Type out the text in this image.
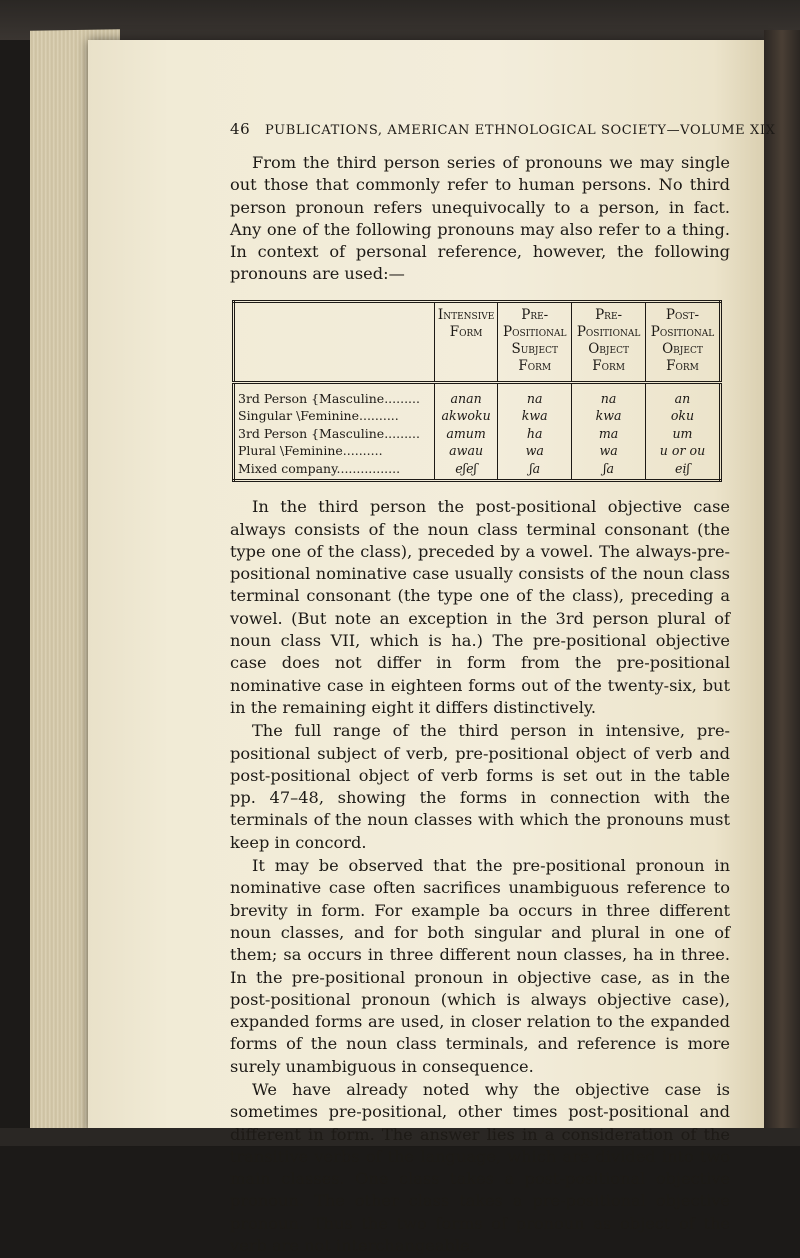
46 PUBLICATIONS, AMERICAN ETHNOLOGICAL SOCIETY—VOLUME XIX

From the third person series of pronouns we may single out those that commonly refer to human persons. No third person pronoun refers unequivocally to a person, in fact. Any one of the following pronouns may also refer to a thing. In context of personal reference, however, the following pronouns are used:—

	Intensive Form	Pre-Positional Subject Form	Pre-Positional Object Form	Post-Positional Object Form
3rd Person {Masculine.........	anan	na	na	an
Singular \Feminine..........	akwoku	kwa	kwa	oku
3rd Person {Masculine.........	amum	ha	ma	um
Plural \Feminine..........	awau	wa	wa	u or ou
Mixed company................	eʃeʃ	ʃa	ʃa	eiʃ

In the third person the post-positional objective case always consists of the noun class terminal consonant (the type one of the class), preceded by a vowel. The always-pre-positional nominative case usually consists of the noun class terminal consonant (the type one of the class), preceding a vowel. (But note an exception in the 3rd person plural of noun class VII, which is ha.) The pre-positional objective case does not differ in form from the pre-positional nominative case in eighteen forms out of the twenty-six, but in the remaining eight it differs distinctively.

The full range of the third person in intensive, pre-positional subject of verb, pre-positional object of verb and post-positional object of verb forms is set out in the table pp. 47–48, showing the forms in connection with the terminals of the noun classes with which the pronouns must keep in concord.

It may be observed that the pre-positional pronoun in nominative case often sacrifices unambiguous reference to brevity in form. For example ba occurs in three different noun classes, and for both singular and plural in one of them; sa occurs in three different noun classes, ha in three. In the pre-positional pronoun in objective case, as in the post-positional pronoun (which is always objective case), expanded forms are used, in closer relation to the expanded forms of the noun class terminals, and reference is more surely unambiguous in consequence.

We have already noted why the objective case is sometimes pre-positional, other times post-positional and different in form. The answer lies in a consideration of the transitive verbs of the language, which are divided into two main classes. One class takes a post-positional objective pronoun. The other class takes a pre-positional objective pronoun. Thus the two forms of pronoun as object of the verb are not interchangeable,
